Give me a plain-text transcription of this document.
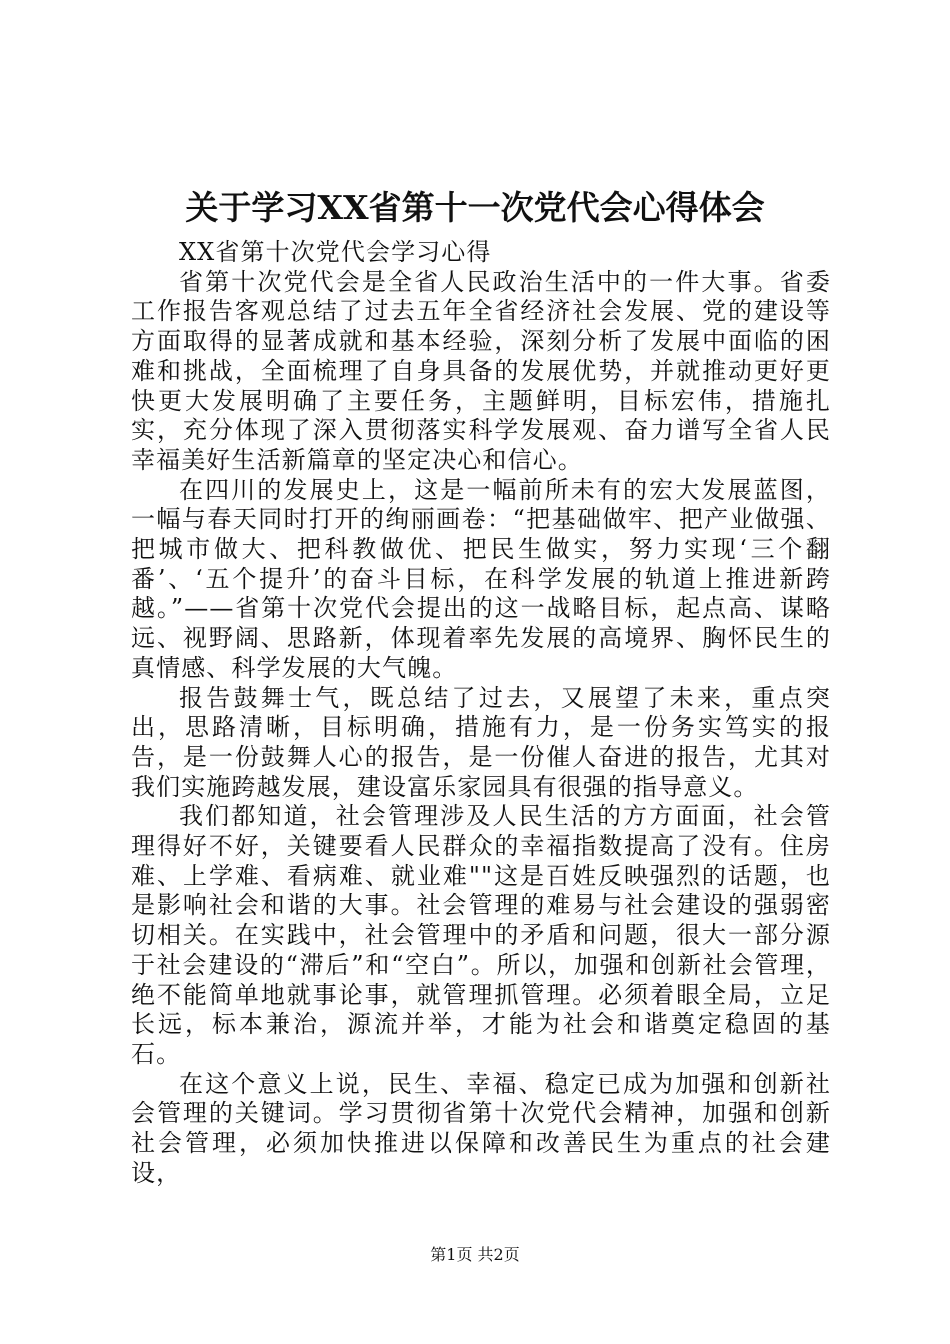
关于学习XX省第十一次党代会心得体会

XX省第十次党代会学习心得

省第十次党代会是全省人民政治生活中的一件大事。省委工作报告客观总结了过去五年全省经济社会发展、党的建设等方面取得的显著成就和基本经验，深刻分析了发展中面临的困难和挑战，全面梳理了自身具备的发展优势，并就推动更好更快更大发展明确了主要任务，主题鲜明，目标宏伟，措施扎实，充分体现了深入贯彻落实科学发展观、奋力谱写全省人民幸福美好生活新篇章的坚定决心和信心。

在四川的发展史上，这是一幅前所未有的宏大发展蓝图，一幅与春天同时打开的绚丽画卷：“把基础做牢、把产业做强、把城市做大、把科教做优、把民生做实，努力实现‘三个翻番’、‘五个提升’的奋斗目标，在科学发展的轨道上推进新跨越。”——省第十次党代会提出的这一战略目标，起点高、谋略远、视野阔、思路新，体现着率先发展的高境界、胸怀民生的真情感、科学发展的大气魄。

报告鼓舞士气，既总结了过去，又展望了未来，重点突出，思路清晰，目标明确，措施有力，是一份务实笃实的报告，是一份鼓舞人心的报告，是一份催人奋进的报告，尤其对我们实施跨越发展，建设富乐家园具有很强的指导意义。

我们都知道，社会管理涉及人民生活的方方面面，社会管理得好不好，关键要看人民群众的幸福指数提高了没有。住房难、上学难、看病难、就业难""这是百姓反映强烈的话题，也是影响社会和谐的大事。社会管理的难易与社会建设的强弱密切相关。在实践中，社会管理中的矛盾和问题，很大一部分源于社会建设的“滞后”和“空白”。所以，加强和创新社会管理，绝不能简单地就事论事，就管理抓管理。必须着眼全局，立足长远，标本兼治，源流并举，才能为社会和谐奠定稳固的基石。

在这个意义上说，民生、幸福、稳定已成为加强和创新社会管理的关键词。学习贯彻省第十次党代会精神，加强和创新社会管理，必须加快推进以保障和改善民生为重点的社会建设，

第1页 共2页
